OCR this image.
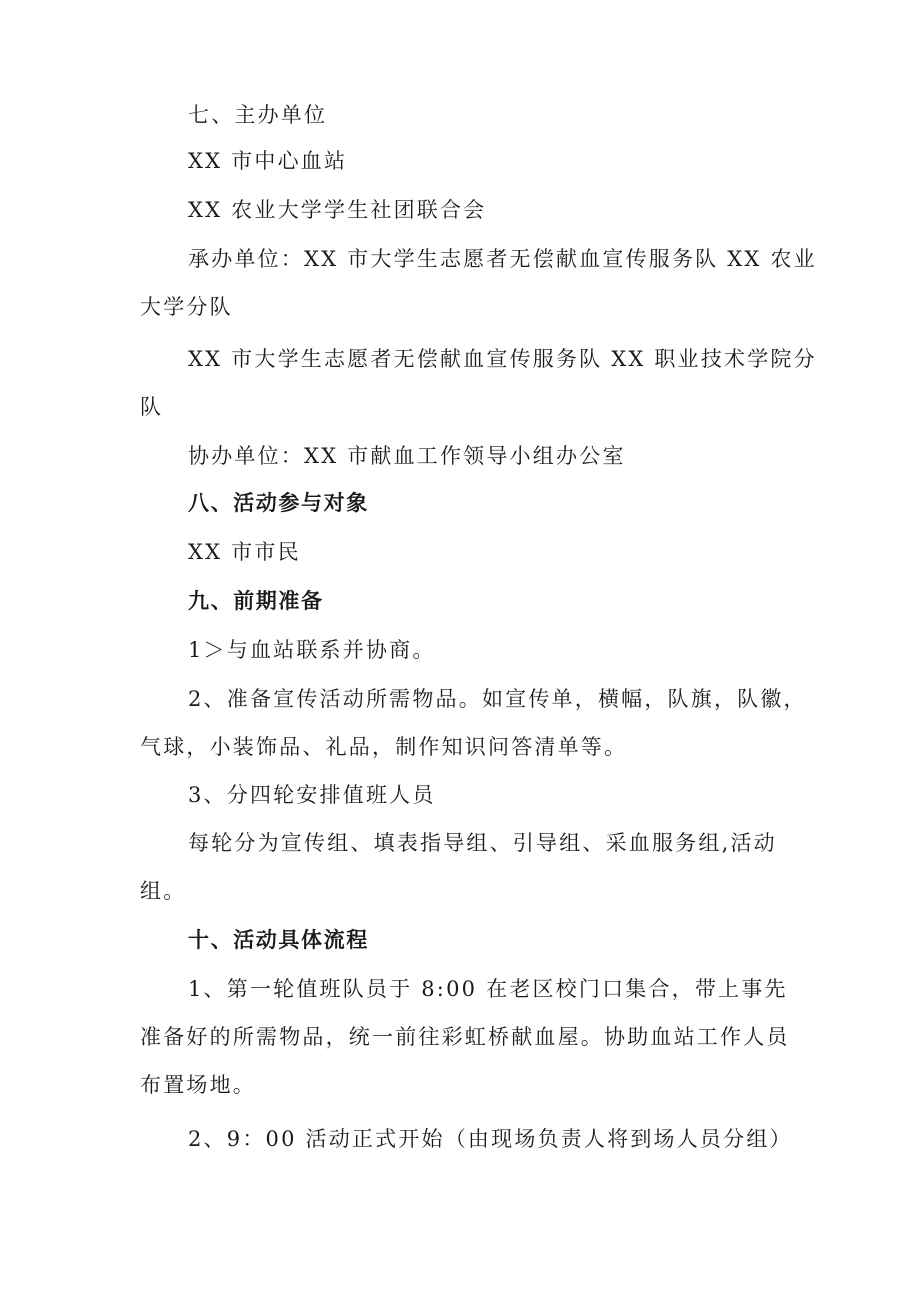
七、主办单位
XX 市中心血站
XX 农业大学学生社团联合会
承办单位：XX 市大学生志愿者无偿献血宣传服务队 XX 农业
大学分队
XX 市大学生志愿者无偿献血宣传服务队 XX 职业技术学院分
队
协办单位：XX 市献血工作领导小组办公室
八、活动参与对象
XX 市市民
九、前期准备
1＞与血站联系并协商。
2、准备宣传活动所需物品。如宣传单，横幅，队旗，队徽，
气球，小装饰品、礼品，制作知识问答清单等。
3、分四轮安排值班人员
每轮分为宣传组、填表指导组、引导组、采血服务组,活动
组。
十、活动具体流程
1、第一轮值班队员于 8:00 在老区校门口集合，带上事先
准备好的所需物品，统一前往彩虹桥献血屋。协助血站工作人员
布置场地。
2、9：00 活动正式开始（由现场负责人将到场人员分组）
